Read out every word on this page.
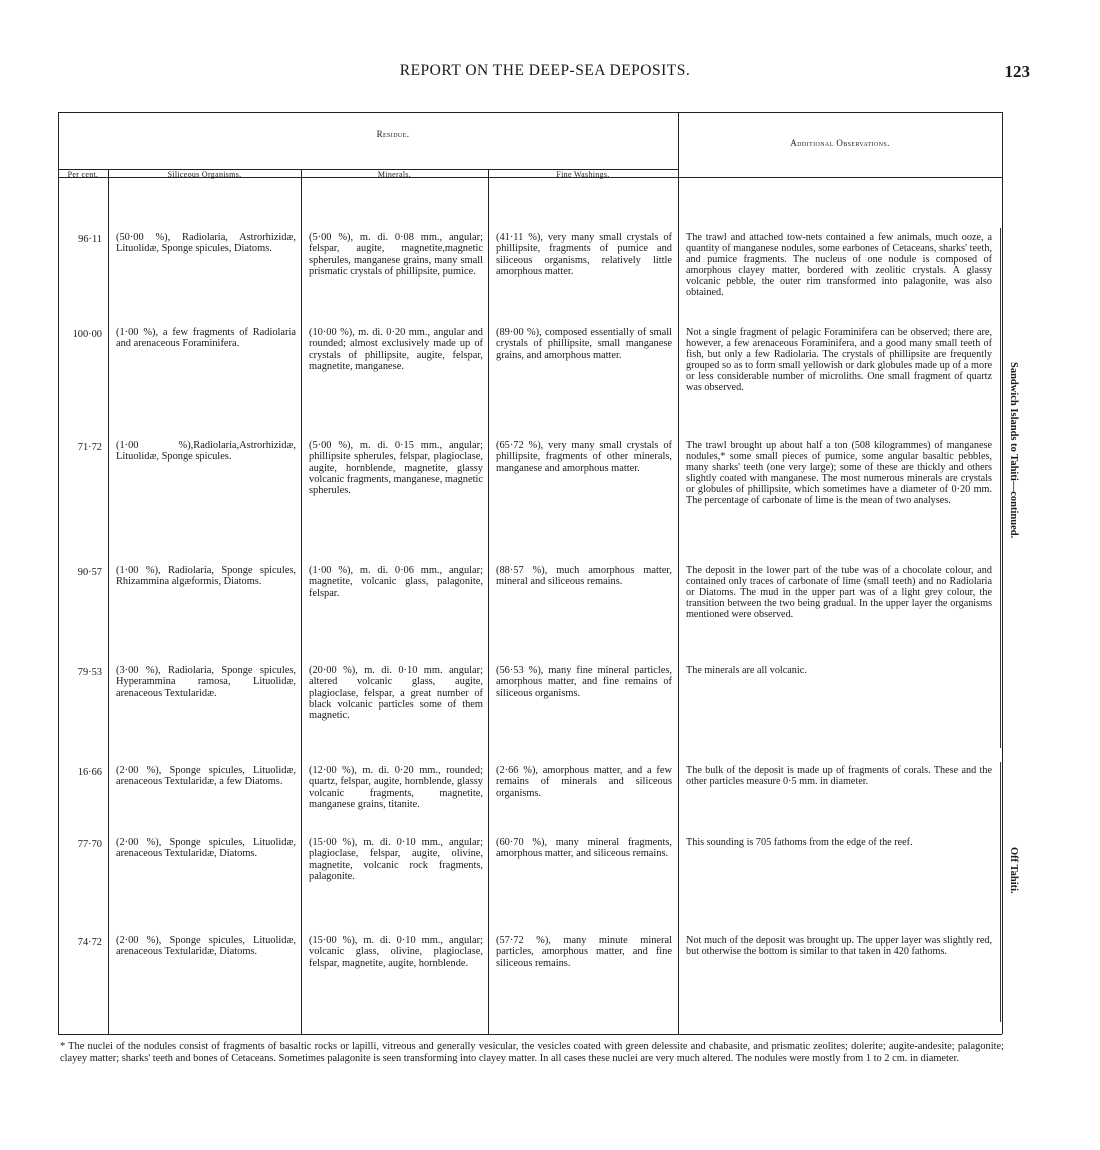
REPORT ON THE DEEP-SEA DEPOSITS.	123
Residue.
Additional Observations.
Per cent.	Siliceous Organisms.	Minerals.	Fine Washings.
96·11 (50·00 %), Radiolaria, Astrorhizidæ, Lituolidæ, Sponge spicules, Diatoms.
(5·00 %), m. di. 0·08 mm., angular; felspar, augite, magnetite,magnetic spherules, manganese grains, many small prismatic crystals of phillipsite, pumice.
(41·11 %), very many small crystals of phillipsite, fragments of pumice and siliceous organisms, relatively little amorphous matter.
The trawl and attached tow-nets contained a few animals, much ooze, a quantity of manganese nodules, some earbones of Cetaceans, sharks' teeth, and pumice fragments. The nucleus of one nodule is composed of amorphous clayey matter, bordered with zeolitic crystals. A glassy volcanic pebble, the outer rim transformed into palagonite, was also obtained.
100·00 (1·00 %), a few fragments of Radiolaria and arenaceous Foraminifera.
(10·00 %), m. di. 0·20 mm., angular and rounded; almost exclusively made up of crystals of phillipsite, augite, felspar, magnetite, manganese.
(89·00 %), composed essentially of small crystals of phillipsite, small manganese grains, and amorphous matter.
Not a single fragment of pelagic Foraminifera can be observed; there are, however, a few arenaceous Foraminifera, and a good many small teeth of fish, but only a few Radiolaria. The crystals of phillipsite are frequently grouped so as to form small yellowish or dark globules made up of a more or less considerable number of microliths. One small fragment of quartz was observed.
71·72 (1·00 %),Radiolaria,Astrorhizidæ, Lituolidæ, Sponge spicules.
(5·00 %), m. di. 0·15 mm., angular; phillipsite spherules, felspar, plagioclase, augite, hornblende, magnetite, glassy volcanic fragments, manganese, magnetic spherules.
(65·72 %), very many small crystals of phillipsite, fragments of other minerals, manganese and amorphous matter.
The trawl brought up about half a ton (508 kilogrammes) of manganese nodules,* some small pieces of pumice, some angular basaltic pebbles, many sharks' teeth (one very large); some of these are thickly and others slightly coated with manganese. The most numerous minerals are crystals or globules of phillipsite, which sometimes have a diameter of 0·20 mm. The percentage of carbonate of lime is the mean of two analyses.
90·57 (1·00 %), Radiolaria, Sponge spicules, Rhizammina algæformis, Diatoms.
(1·00 %), m. di. 0·06 mm., angular; magnetite, volcanic glass, palagonite, felspar.
(88·57 %), much amorphous matter, mineral and siliceous remains.
The deposit in the lower part of the tube was of a chocolate colour, and contained only traces of carbonate of lime (small teeth) and no Radiolaria or Diatoms. The mud in the upper part was of a light grey colour, the transition between the two being gradual. In the upper layer the organisms mentioned were observed.
79·53 (3·00 %), Radiolaria, Sponge spicules, Hyperammina ramosa, Lituolidæ, arenaceous Textularidæ.
(20·00 %), m. di. 0·10 mm. angular; altered volcanic glass, augite, plagioclase, felspar, a great number of black volcanic particles some of them magnetic.
(56·53 %), many fine mineral particles, amorphous matter, and fine remains of siliceous organisms.
The minerals are all volcanic.
16·66 (2·00 %), Sponge spicules, Lituolidæ, arenaceous Textularidæ, a few Diatoms.
(12·00 %), m. di. 0·20 mm., rounded; quartz, felspar, augite, hornblende, glassy volcanic fragments, magnetite, manganese grains, titanite.
(2·66 %), amorphous matter, and a few remains of minerals and siliceous organisms.
The bulk of the deposit is made up of fragments of corals. These and the other particles measure 0·5 mm. in diameter.
77·70 (2·00 %), Sponge spicules, Lituolidæ, arenaceous Textularidæ, Diatoms.
(15·00 %), m. di. 0·10 mm., angular; plagioclase, felspar, augite, olivine, magnetite, volcanic rock fragments, palagonite.
(60·70 %), many mineral fragments, amorphous matter, and siliceous remains.
This sounding is 705 fathoms from the edge of the reef.
74·72 (2·00 %), Sponge spicules, Lituolidæ, arenaceous Textularidæ, Diatoms.
(15·00 %), m. di. 0·10 mm., angular; volcanic glass, olivine, plagioclase, felspar, magnetite, augite, hornblende.
(57·72 %), many minute mineral particles, amorphous matter, and fine siliceous remains.
Not much of the deposit was brought up. The upper layer was slightly red, but otherwise the bottom is similar to that taken in 420 fathoms.
Sandwich Islands to Tahiti—continued.
Off Tahiti.
* The nuclei of the nodules consist of fragments of basaltic rocks or lapilli, vitreous and generally vesicular, the vesicles coated with green delessite and chabasite, and prismatic zeolites; dolerite; augite-andesite; palagonite; clayey matter; sharks' teeth and bones of Cetaceans. Sometimes palagonite is seen transforming into clayey matter. In all cases these nuclei are very much altered. The nodules were mostly from 1 to 2 cm. in diameter.
